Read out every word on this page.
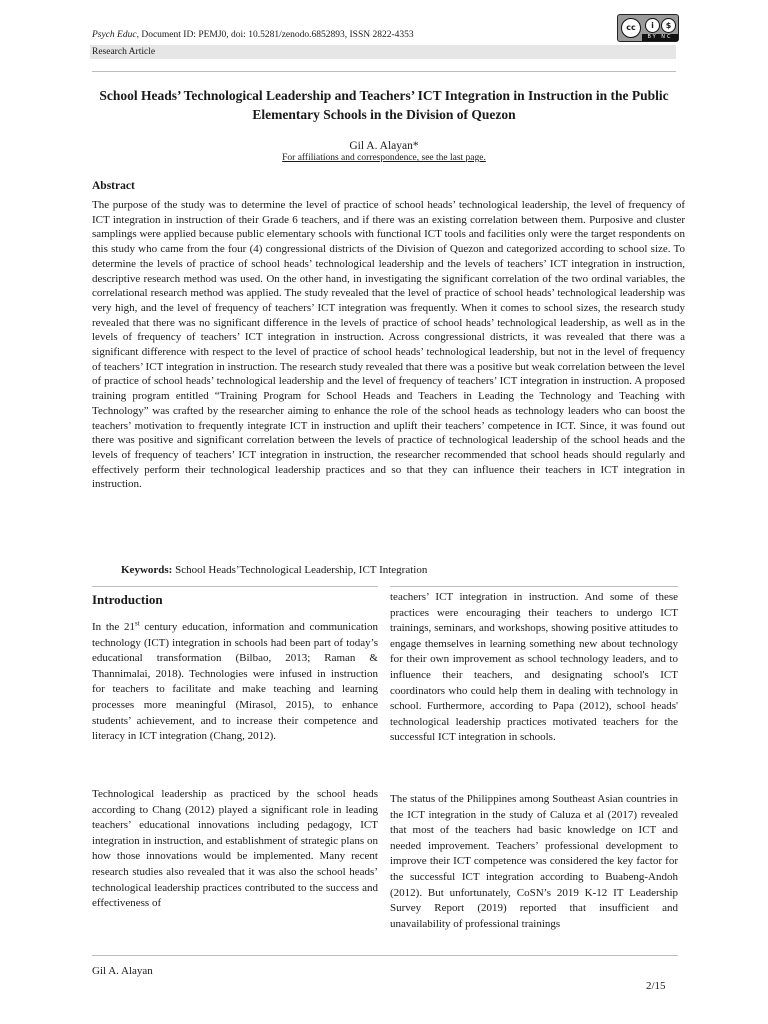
Psych Educ, Document ID: PEMJ0, doi: 10.5281/zenodo.6852893, ISSN 2822-4353
cc	i	$
BY NC
Research Article
School Heads’ Technological Leadership and Teachers’ ICT Integration in Instruction in the Public Elementary Schools in the Division of Quezon
Gil A. Alayan*
For affiliations and correspondence, see the last page.
Abstract

The purpose of the study was to determine the level of practice of school heads’ technological leadership, the level of frequency of ICT integration in instruction of their Grade 6 teachers, and if there was an existing correlation between them. Purposive and cluster samplings were applied because public elementary schools with functional ICT tools and facilities only were the target respondents on this study who came from the four (4) congressional districts of the Division of Quezon and categorized according to school size. To determine the levels of practice of school heads’ technological leadership and the levels of teachers’ ICT integration in instruction, descriptive research method was used. On the other hand, in investigating the significant correlation of the two ordinal variables, the correlational research method was applied. The study revealed that the level of practice of school heads’ technological leadership was very high, and the level of frequency of teachers’ ICT integration was frequently. When it comes to school sizes, the research study revealed that there was no significant difference in the levels of practice of school heads’ technological leadership, as well as in the levels of frequency of teachers’ ICT integration in instruction. Across congressional districts, it was revealed that there was a significant difference with respect to the level of practice of school heads’ technological leadership, but not in the level of frequency of teachers’ ICT integration in instruction. The research study revealed that there was a positive but weak correlation between the level of practice of school heads’ technological leadership and the level of frequency of teachers’ ICT integration in instruction. A proposed training program entitled “Training Program for School Heads and Teachers in Leading the Technology and Teaching with Technology” was crafted by the researcher aiming to enhance the role of the school heads as technology leaders who can boost the teachers’ motivation to frequently integrate ICT in instruction and uplift their teachers’ competence in ICT. Since, it was found out there was positive and significant correlation between the levels of practice of technological leadership of the school heads and the levels of frequency of teachers’ ICT integration in instruction, the researcher recommended that school heads should regularly and effectively perform their technological leadership practices and so that they can influence their teachers in ICT integration in instruction.

Keywords: School Heads’Technological Leadership, ICT Integration
Introduction
In the 21st century education, information and communication technology (ICT) integration in schools had been part of today’s educational transformation (Bilbao, 2013; Raman & Thannimalai, 2018). Technologies were infused in instruction for teachers to facilitate and make teaching and learning processes more meaningful (Mirasol, 2015), to enhance students’ achievement, and to increase their competence and literacy in ICT integration (Chang, 2012).
Technological leadership as practiced by the school heads according to Chang (2012) played a significant role in leading teachers’ educational innovations including pedagogy, ICT integration in instruction, and establishment of strategic plans on how those innovations would be implemented. Many recent research studies also revealed that it was also the school heads’ technological leadership practices contributed to the success and effectiveness of
teachers’ ICT integration in instruction. And some of these practices were encouraging their teachers to undergo ICT trainings, seminars, and workshops, showing positive attitudes to engage themselves in learning something new about technology for their own improvement as school technology leaders, and to influence their teachers, and designating school's ICT coordinators who could help them in dealing with technology in school. Furthermore, according to Papa (2012), school heads' technological leadership practices motivated teachers for the successful ICT integration in schools.
The status of the Philippines among Southeast Asian countries in the ICT integration in the study of Caluza et al (2017) revealed that most of the teachers had basic knowledge on ICT and needed improvement. Teachers’ professional development to improve their ICT competence was considered the key factor for the successful ICT integration according to Buabeng-Andoh (2012). But unfortunately, CoSN’s 2019 K-12 IT Leadership Survey Report (2019) reported that insufficient and unavailability of professional trainings
Gil A. Alayan
2/15
